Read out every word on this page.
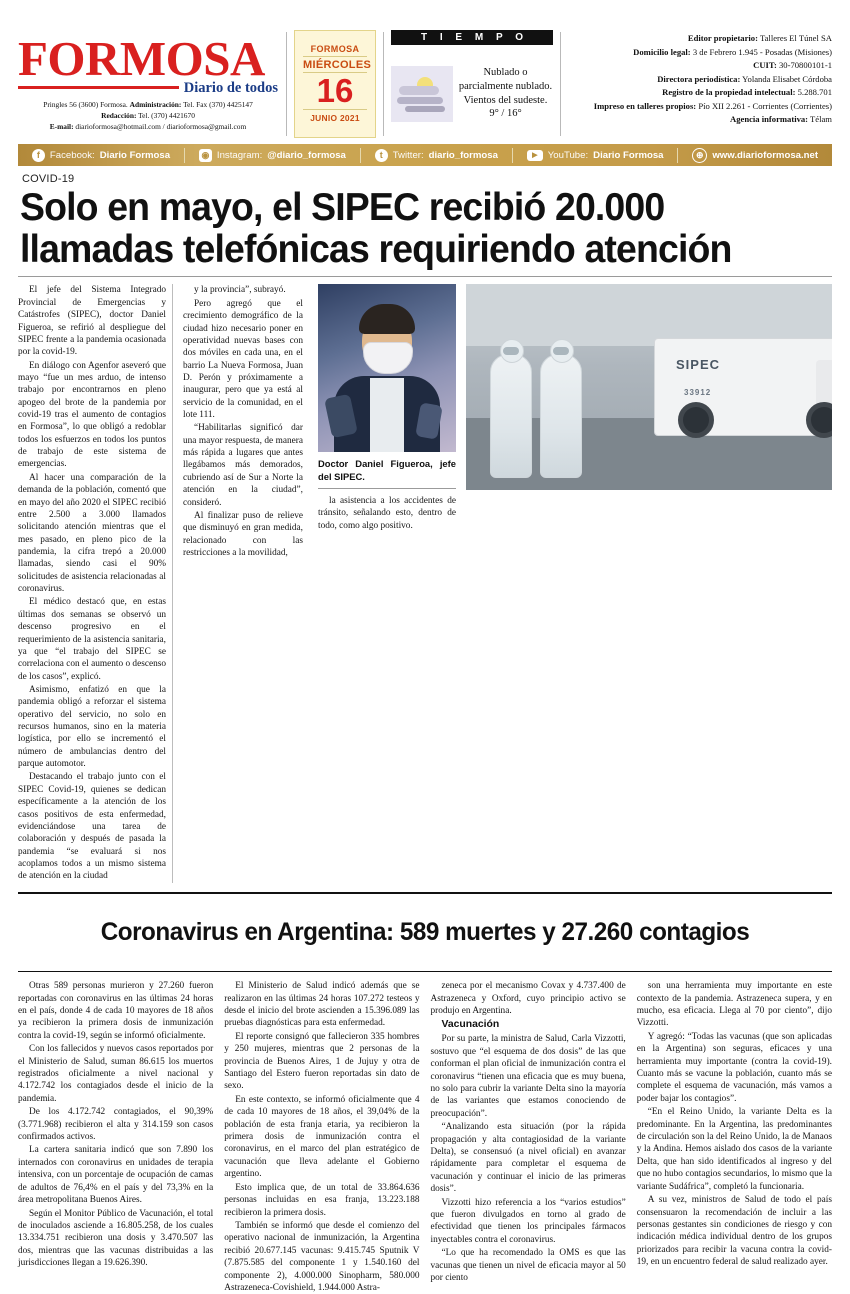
FORMOSA
Diario de todos
Pringles 56 (3600) Formosa. Administración: Tel. Fax (370) 4425147
Redacción: Tel. (370) 4421670
E-mail: diarioformosa@hotmail.com / diarioformosa@gmail.com
FORMOSA
MIÉRCOLES
16
JUNIO 2021
T I E M P O
Nublado o parcialmente nublado. Vientos del sudeste.
9° / 16°
Editor propietario: Talleres El Túnel SA
Domicilio legal: 3 de Febrero 1.945 - Posadas (Misiones)
CUIT: 30-70800101-1
Directora periodística: Yolanda Elisabet Córdoba
Registro de la propiedad intelectual: 5.288.701
Impreso en talleres propios: Pío XII 2.261 - Corrientes (Corrientes)
Agencia informativa: Télam
f	Facebook: Diario Formosa	◉ Instagram: @diario_formosa	t	Twitter: diario_formosa	▶	YouTube: Diario Formosa	⊕ www.diarioformosa.net
COVID-19
Solo en mayo, el SIPEC recibió 20.000 llamadas telefónicas requiriendo atención

El jefe del Sistema Integrado Provincial de Emergencias y Catástrofes (SIPEC), doctor Daniel Figueroa, se refirió al despliegue del SIPEC frente a la pandemia ocasionada por la covid-19.

En diálogo con Agenfor aseveró que mayo “fue un mes arduo, de intenso trabajo por encontrarnos en pleno apogeo del brote de la pandemia por covid-19 tras el aumento de contagios en Formosa”, lo que obligó a redoblar todos los esfuerzos en todos los puntos de trabajo de este sistema de emergencias.

Al hacer una comparación de la demanda de la población, comentó que en mayo del año 2020 el SIPEC recibió entre 2.500 a 3.000 llamados solicitando atención mientras que el mes pasado, en pleno pico de la pandemia, la cifra trepó a 20.000 llamadas, siendo casi el 90% solicitudes de asistencia relacionadas al coronavirus.

El médico destacó que, en estas últimas dos semanas se observó un descenso progresivo en el requerimiento de la asistencia sanitaria, ya que “el trabajo del SIPEC se correlaciona con el aumento o descenso de los casos”, explicó.

Asimismo, enfatizó en que la pandemia obligó a reforzar el sistema operativo del servicio, no solo en recursos humanos, sino en la materia logística, por ello se incrementó el número de ambulancias dentro del parque automotor.

Destacando el trabajo junto con el SIPEC Covid-19, quienes se dedican específicamente a la atención de los casos positivos de esta enfermedad, evidenciándose una tarea de colaboración y después de pasada la pandemia “se evaluará si nos acoplamos todos a un mismo sistema de atención en la ciudad

y la provincia”, subrayó.

Pero agregó que el crecimiento demográfico de la ciudad hizo necesario poner en operatividad nuevas bases con dos móviles en cada una, en el barrio La Nueva Formosa, Juan D. Perón y próximamente a inaugurar, pero que ya está al servicio de la comunidad, en el lote 111.

“Habilitarlas significó dar una mayor respuesta, de manera más rápida a lugares que antes llegábamos más demorados, cubriendo así de Sur a Norte la atención en la ciudad”, consideró.

Al finalizar puso de relieve que disminuyó en gran medida, relacionado con las restricciones a la movilidad,

Doctor Daniel Figueroa, jefe del SIPEC.

la asistencia a los accidentes de tránsito, señalando esto, dentro de todo, como algo positivo.

SIPEC
33912
Coronavirus en Argentina: 589 muertes y 27.260 contagios

Otras 589 personas murieron y 27.260 fueron reportadas con coronavirus en las últimas 24 horas en el país, donde 4 de cada 10 mayores de 18 años ya recibieron la primera dosis de inmunización contra la covid-19, según se informó oficialmente.

Con los fallecidos y nuevos casos reportados por el Ministerio de Salud, suman 86.615 los muertos registrados oficialmente a nivel nacional y 4.172.742 los contagiados desde el inicio de la pandemia.

De los 4.172.742 contagiados, el 90,39% (3.771.968) recibieron el alta y 314.159 son casos confirmados activos.

La cartera sanitaria indicó que son 7.890 los internados con coronavirus en unidades de terapia intensiva, con un porcentaje de ocupación de camas de adultos de 76,4% en el país y del 73,3% en la área metropolitana Buenos Aires.

Según el Monitor Público de Vacunación, el total de inoculados asciende a 16.805.258, de los cuales 13.334.751 recibieron una dosis y 3.470.507 las dos, mientras que las vacunas distribuidas a las jurisdicciones llegan a 19.626.390.

El Ministerio de Salud indicó además que se realizaron en las últimas 24 horas 107.272 testeos y desde el inicio del brote ascienden a 15.396.089 las pruebas diagnósticas para esta enfermedad.

El reporte consignó que fallecieron 335 hombres y 250 mujeres, mientras que 2 personas de la provincia de Buenos Aires, 1 de Jujuy y otra de Santiago del Estero fueron reportadas sin dato de sexo.

En este contexto, se informó oficialmente que 4 de cada 10 mayores de 18 años, el 39,04% de la población de esta franja etaria, ya recibieron la primera dosis de inmunización contra el coronavirus, en el marco del plan estratégico de vacunación que lleva adelante el Gobierno argentino.

Esto implica que, de un total de 33.864.636 personas incluidas en esa franja, 13.223.188 recibieron la primera dosis.

También se informó que desde el comienzo del operativo nacional de inmunización, la Argentina recibió 20.677.145 vacunas: 9.415.745 Sputnik V (7.875.585 del componente 1 y 1.540.160 del componente 2), 4.000.000 Sinopharm, 580.000 Astrazeneca-Covishield, 1.944.000 Astra-

zeneca por el mecanismo Covax y 4.737.400 de Astrazeneca y Oxford, cuyo principio activo se produjo en Argentina.

Vacunación

Por su parte, la ministra de Salud, Carla Vizzotti, sostuvo que “el esquema de dos dosis” de las que conforman el plan oficial de inmunización contra el coronavirus “tienen una eficacia que es muy buena, no solo para cubrir la variante Delta sino la mayoría de las variantes que estamos conociendo de preocupación”.

“Analizando esta situación (por la rápida propagación y alta contagiosidad de la variante Delta), se consensuó (a nivel oficial) en avanzar rápidamente para completar el esquema de vacunación y continuar el inicio de las primeras dosis”.

Vizzotti hizo referencia a los “varios estudios” que fueron divulgados en torno al grado de efectividad que tienen los principales fármacos inyectables contra el coronavirus.

“Lo que ha recomendado la OMS es que las vacunas que tienen un nivel de eficacia mayor al 50 por ciento

son una herramienta muy importante en este contexto de la pandemia. Astrazeneca supera, y en mucho, esa eficacia. Llega al 70 por ciento”, dijo Vizzotti.

Y agregó: “Todas las vacunas (que son aplicadas en la Argentina) son seguras, eficaces y una herramienta muy importante (contra la covid-19). Cuanto más se vacune la población, cuanto más se complete el esquema de vacunación, más vamos a poder bajar los contagios”.

“En el Reino Unido, la variante Delta es la predominante. En la Argentina, las predominantes de circulación son la del Reino Unido, la de Manaos y la Andina. Hemos aislado dos casos de la variante Delta, que han sido identificados al ingreso y del que no hubo contagios secundarios, lo mismo que la variante Sudáfrica”, completó la funcionaria.

A su vez, ministros de Salud de todo el país consensuaron la recomendación de incluir a las personas gestantes sin condiciones de riesgo y con indicación médica individual dentro de los grupos priorizados para recibir la vacuna contra la covid-19, en un encuentro federal de salud realizado ayer.
